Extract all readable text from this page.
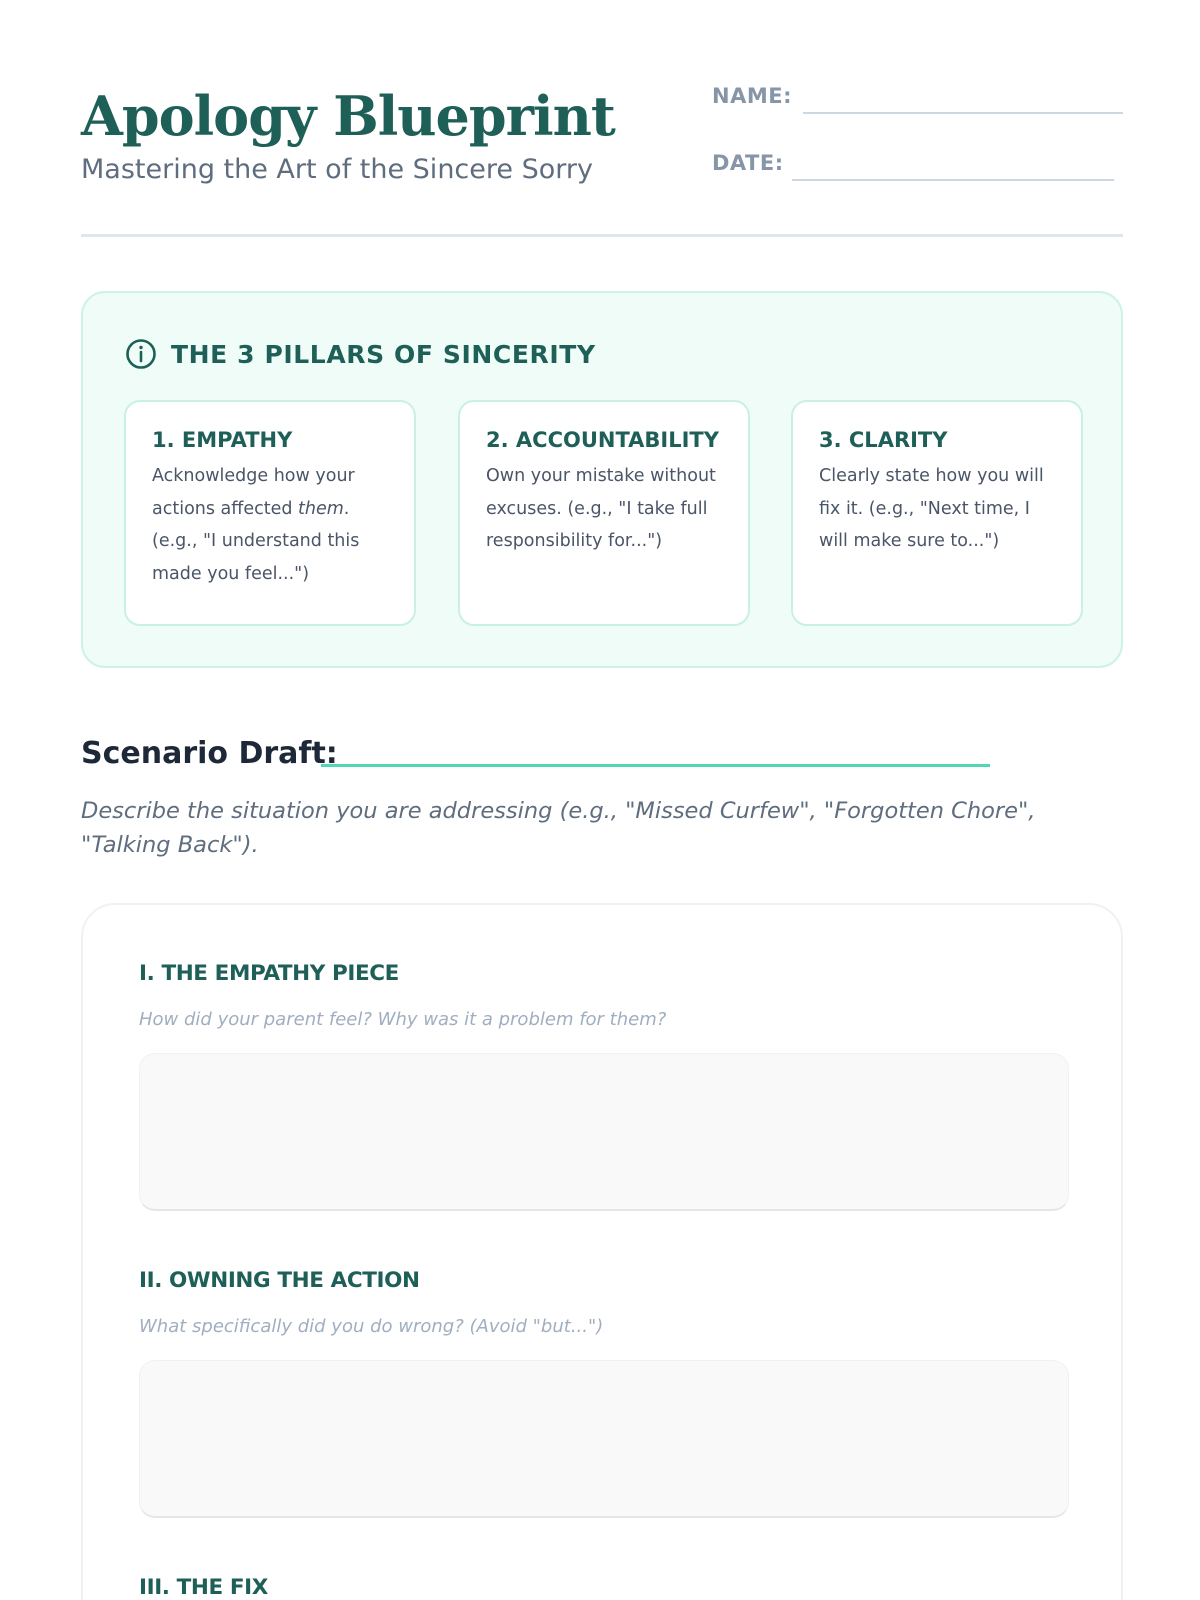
Apology Blueprint
Mastering the Art of the Sincere Sorry
NAME:
DATE:
THE 3 PILLARS OF SINCERITY
1. EMPATHY
Acknowledge how your actions affected them. (e.g., "I understand this made you feel...")
2. ACCOUNTABILITY
Own your mistake without excuses. (e.g., "I take full responsibility for...")
3. CLARITY
Clearly state how you will fix it. (e.g., "Next time, I will make sure to...")
Scenario Draft:

Describe the situation you are addressing (e.g., "Missed Curfew", "Forgotten Chore", "Talking Back").

I. THE EMPATHY PIECE
How did your parent feel? Why was it a problem for them?
II. OWNING THE ACTION
What specifically did you do wrong? (Avoid "but...")
III. THE FIX
